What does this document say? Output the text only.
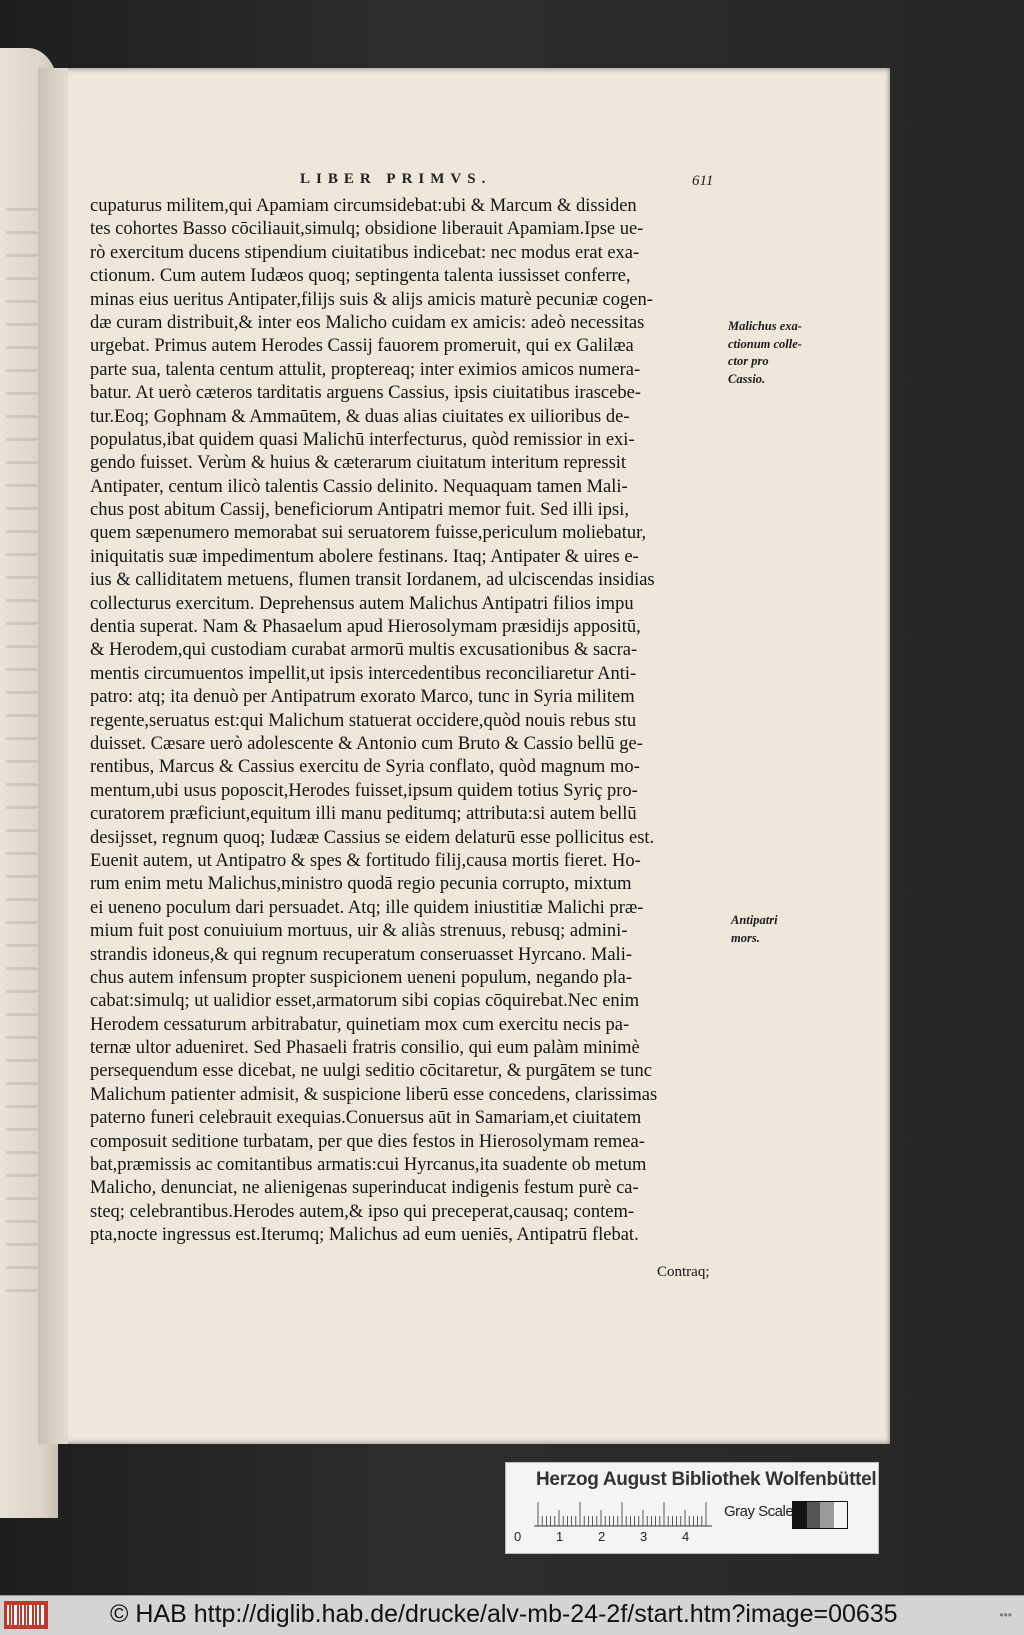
LIBER PRIMVS.	611
cupaturus militem,qui Apamiam circumsidebat:ubi & Marcum & dissiden
tes cohortes Basso cōciliauit,simulq; obsidione liberauit Apamiam.Ipse ue-
rò exercitum ducens stipendium ciuitatibus indicebat: nec modus erat exa-
ctionum. Cum autem Iudæos quoq; septingenta talenta iussisset conferre,
minas eius ueritus Antipater,filijs suis & alijs amicis maturè pecuniæ cogen-
dæ curam distribuit,& inter eos Malicho cuidam ex amicis: adeò necessitas
urgebat. Primus autem Herodes Cassij fauorem promeruit, qui ex Galilæa
parte sua, talenta centum attulit, proptereaq; inter eximios amicos numera-
batur. At uerò cæteros tarditatis arguens Cassius, ipsis ciuitatibus irascebe-
tur.Eoq; Gophnam & Ammaūtem, & duas alias ciuitates ex uilioribus de-
populatus,ibat quidem quasi Malichū interfecturus, quòd remissior in exi-
gendo fuisset. Verùm & huius & cæterarum ciuitatum interitum repressit
Antipater, centum ilicò talentis Cassio delinito. Nequaquam tamen Mali-
chus post abitum Cassij, beneficiorum Antipatri memor fuit. Sed illi ipsi,
quem sæpenumero memorabat sui seruatorem fuisse,periculum moliebatur,
iniquitatis suæ impedimentum abolere festinans. Itaq; Antipater & uires e-
ius & calliditatem metuens, flumen transit Iordanem, ad ulciscendas insidias
collecturus exercitum. Deprehensus autem Malichus Antipatri filios impu
dentia superat. Nam & Phasaelum apud Hierosolymam præsidijs appositū,
& Herodem,qui custodiam curabat armorū multis excusationibus & sacra-
mentis circumuentos impellit,ut ipsis intercedentibus reconciliaretur Anti-
patro: atq; ita denuò per Antipatrum exorato Marco, tunc in Syria militem
regente,seruatus est:qui Malichum statuerat occidere,quòd nouis rebus stu
duisset. Cæsare uerò adolescente & Antonio cum Bruto & Cassio bellū ge-
rentibus, Marcus & Cassius exercitu de Syria conflato, quòd magnum mo-
mentum,ubi usus poposcit,Herodes fuisset,ipsum quidem totius Syriç pro-
curatorem præficiunt,equitum illi manu peditumq; attributa:si autem bellū
desijsset, regnum quoq; Iudææ Cassius se eidem delaturū esse pollicitus est.
Euenit autem, ut Antipatro & spes & fortitudo filij,causa mortis fieret. Ho-
rum enim metu Malichus,ministro quodā regio pecunia corrupto, mixtum
ei ueneno poculum dari persuadet. Atq; ille quidem iniustitiæ Malichi præ-
mium fuit post conuiuium mortuus, uir & aliàs strenuus, rebusq; admini-
strandis idoneus,& qui regnum recuperatum conseruasset Hyrcano. Mali-
chus autem infensum propter suspicionem ueneni populum, negando pla-
cabat:simulq; ut ualidior esset,armatorum sibi copias cōquirebat.Nec enim
Herodem cessaturum arbitrabatur, quinetiam mox cum exercitu necis pa-
ternæ ultor adueniret. Sed Phasaeli fratris consilio, qui eum palàm minimè
persequendum esse dicebat, ne uulgi seditio cōcitaretur, & purgātem se tunc
Malichum patienter admisit, & suspicione liberū esse concedens, clarissimas
paterno funeri celebrauit exequias.Conuersus aūt in Samariam,et ciuitatem
composuit seditione turbatam, per que dies festos in Hierosolymam remea-
bat,præmissis ac comitantibus armatis:cui Hyrcanus,ita suadente ob metum
Malicho, denunciat, ne alienigenas superinducat indigenis festum purè ca-
steq; celebrantibus.Herodes autem,& ipso qui preceperat,causaq; contem-
pta,nocte ingressus est.Iterumq; Malichus ad eum ueniēs, Antipatrū flebat.
Contraq;
Malichus exa-
ctionum colle-
ctor pro
Cassio.
Antipatri
mors.
Herzog August Bibliothek Wolfenbüttel
0	1	2	3	4
Gray Scale
© HAB http://diglib.hab.de/drucke/alv-mb-24-2f/start.htm?image=00635	•••
